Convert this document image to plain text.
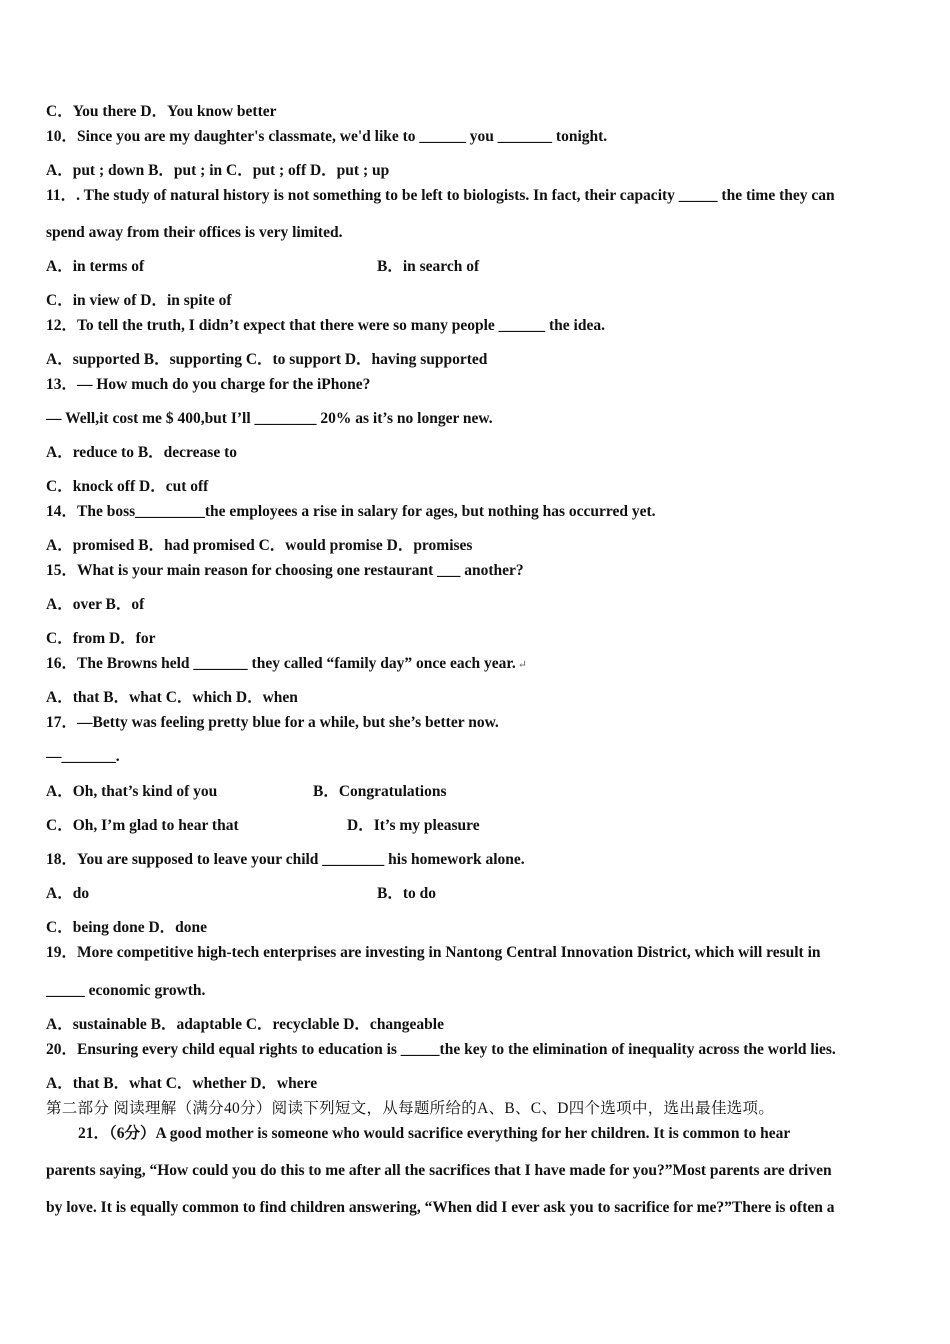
C．You there D．You know better
10．Since you are my daughter's classmate, we'd like to ______ you _______ tonight.
A．put ; down B．put ; in C．put ; off D．put ; up
11．. The study of natural history is not something to be left to biologists. In fact, their capacity _____ the time they can
spend away from their offices is very limited.
A．in terms of	B．in search of
C．in view of D．in spite of
12．To tell the truth, I didn’t expect that there were so many people ______ the idea.
A．supported B．supporting C．to support D．having supported
13．— How much do you charge for the iPhone?
— Well,it cost me $ 400,but I’ll ________ 20% as it’s no longer new.
A．reduce to B．decrease to
C．knock off D．cut off
14．The boss_________the employees a rise in salary for ages, but nothing has occurred yet.
A．promised B．had promised C．would promise D．promises
15．What is your main reason for choosing one restaurant ___ another?
A．over B．of
C．from D．for
16．The Browns held _______ they called “family day” once each year. ↵
A．that B．what C．which D．when
17．—Betty was feeling pretty blue for a while, but she’s better now.
—_______.
A．Oh, that’s kind of you	B．Congratulations
C．Oh, I’m glad to hear that	D．It’s my pleasure
18．You are supposed to leave your child ________ his homework alone.
A．do	B．to do
C．being done D．done
19．More competitive high-tech enterprises are investing in Nantong Central Innovation District, which will result in
_____ economic growth.
A．sustainable B．adaptable C．recyclable D．changeable
20．Ensuring every child equal rights to education is _____the key to the elimination of inequality across the world lies.
A．that B．what C．whether D．where
第二部分 阅读理解（满分40分）阅读下列短文，从每题所给的A、B、C、D四个选项中，选出最佳选项。
21．（6分）A good mother is someone who would sacrifice everything for her children. It is common to hear
parents saying, “How could you do this to me after all the sacrifices that I have made for you?”Most parents are driven
by love. It is equally common to find children answering, “When did I ever ask you to sacrifice for me?”There is often a
